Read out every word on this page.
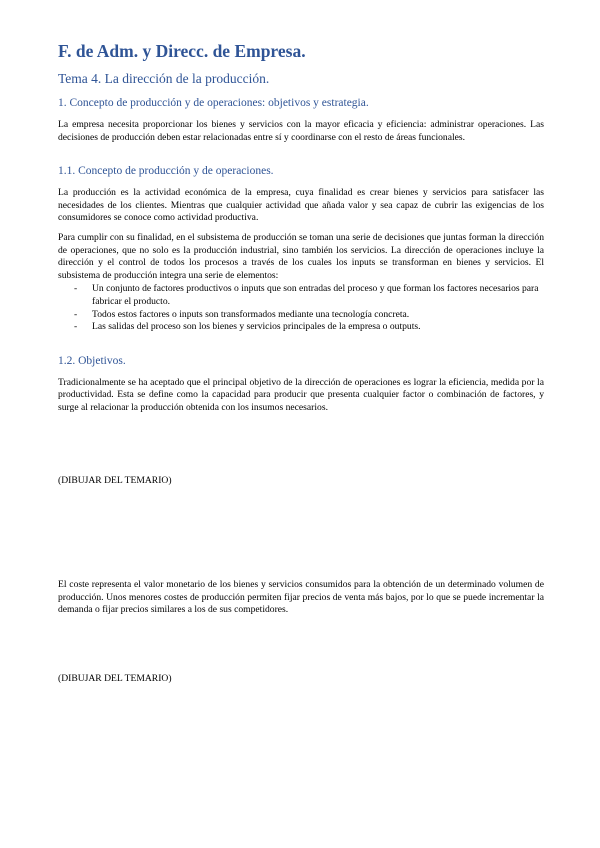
F. de Adm. y Direcc. de Empresa.
Tema 4. La dirección de la producción.
1. Concepto de producción y de operaciones: objetivos y estrategia.

La empresa necesita proporcionar los bienes y servicios con la mayor eficacia y eficiencia: administrar operaciones. Las decisiones de producción deben estar relacionadas entre sí y coordinarse con el resto de áreas funcionales.

1.1. Concepto de producción y de operaciones.

La producción es la actividad económica de la empresa, cuya finalidad es crear bienes y servicios para satisfacer las necesidades de los clientes. Mientras que cualquier actividad que añada valor y sea capaz de cubrir las exigencias de los consumidores se conoce como actividad productiva.

Para cumplir con su finalidad, en el subsistema de producción se toman una serie de decisiones que juntas forman la dirección de operaciones, que no solo es la producción industrial, sino también los servicios. La dirección de operaciones incluye la dirección y el control de todos los procesos a través de los cuales los inputs se transforman en bienes y servicios. El subsistema de producción integra una serie de elementos:

- Un conjunto de factores productivos o inputs que son entradas del proceso y que forman los factores necesarios para fabricar el producto.
- Todos estos factores o inputs son transformados mediante una tecnología concreta.
- Las salidas del proceso son los bienes y servicios principales de la empresa o outputs.
1.2. Objetivos.

Tradicionalmente se ha aceptado que el principal objetivo de la dirección de operaciones es lograr la eficiencia, medida por la productividad. Esta se define como la capacidad para producir que presenta cualquier factor o combinación de factores, y surge al relacionar la producción obtenida con los insumos necesarios.

(DIBUJAR DEL TEMARIO)

El coste representa el valor monetario de los bienes y servicios consumidos para la obtención de un determinado volumen de producción. Unos menores costes de producción permiten fijar precios de venta más bajos, por lo que se puede incrementar la demanda o fijar precios similares a los de sus competidores.

(DIBUJAR DEL TEMARIO)
